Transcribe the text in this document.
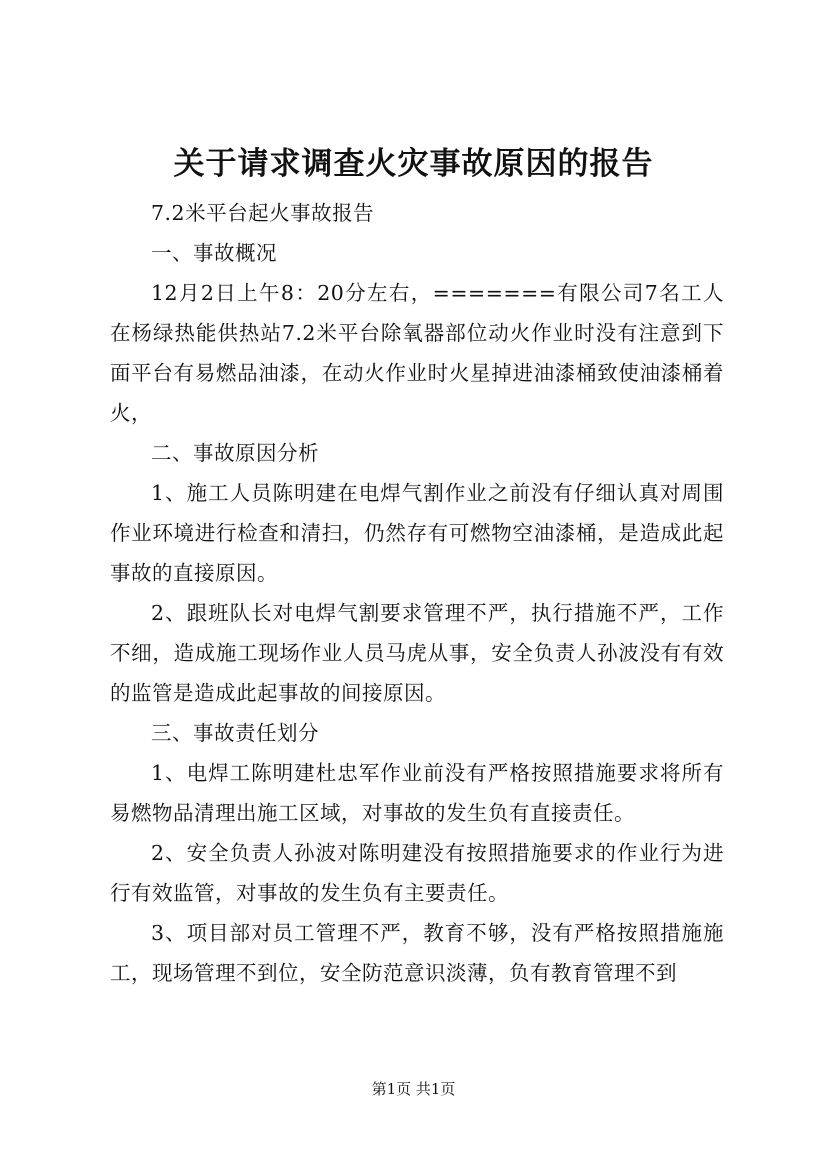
关于请求调查火灾事故原因的报告

7.2米平台起火事故报告

一、事故概况

12月2日上午8：20分左右，=======有限公司7名工人在杨绿热能供热站7.2米平台除氧器部位动火作业时没有注意到下面平台有易燃品油漆，在动火作业时火星掉进油漆桶致使油漆桶着火，

二、事故原因分析

1、施工人员陈明建在电焊气割作业之前没有仔细认真对周围作业环境进行检查和清扫，仍然存有可燃物空油漆桶，是造成此起事故的直接原因。

2、跟班队长对电焊气割要求管理不严，执行措施不严，工作不细，造成施工现场作业人员马虎从事，安全负责人孙波没有有效的监管是造成此起事故的间接原因。

三、事故责任划分

1、电焊工陈明建杜忠军作业前没有严格按照措施要求将所有易燃物品清理出施工区域，对事故的发生负有直接责任。

2、安全负责人孙波对陈明建没有按照措施要求的作业行为进行有效监管，对事故的发生负有主要责任。

3、项目部对员工管理不严，教育不够，没有严格按照措施施工，现场管理不到位，安全防范意识淡薄，负有教育管理不到

第1页 共1页
